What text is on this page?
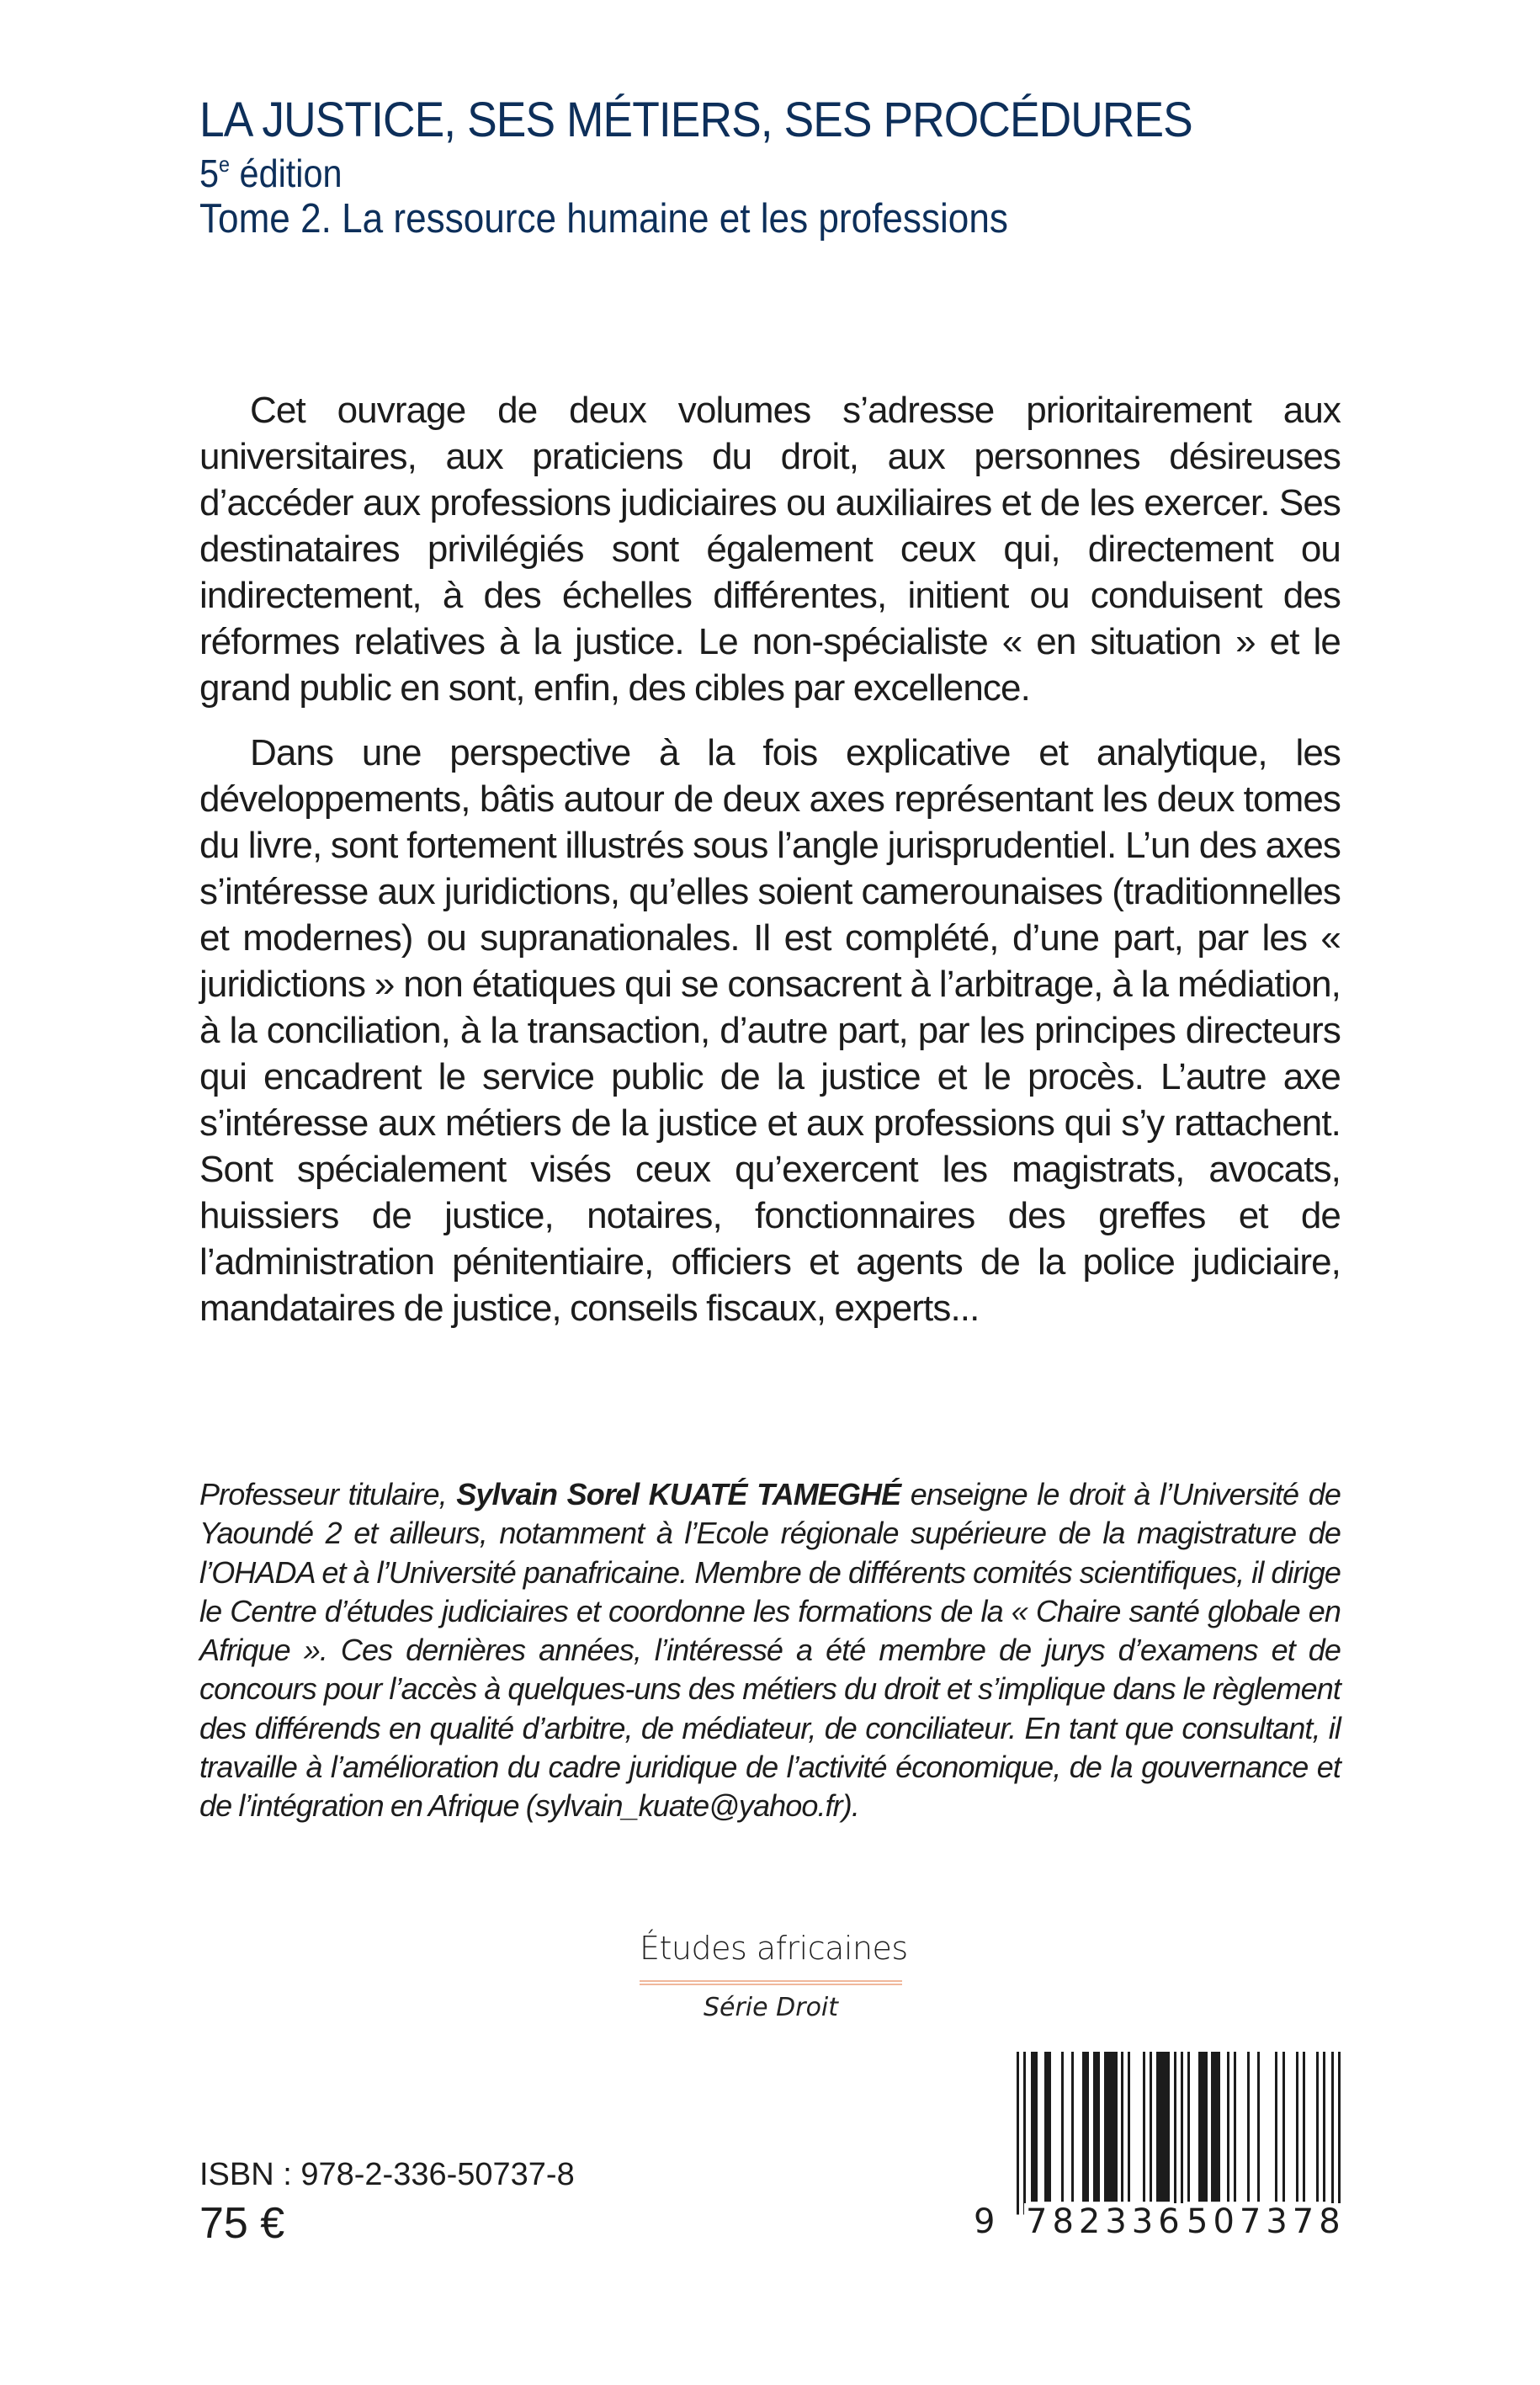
LA JUSTICE, SES MÉTIERS, SES PROCÉDURES
5e édition
Tome 2. La ressource humaine et les professions

Cet ouvrage de deux volumes s’adresse prioritairement aux universitaires, aux praticiens du droit, aux personnes désireuses d’accéder aux professions judiciaires ou auxiliaires et de les exercer. Ses destinataires privilégiés sont également ceux qui, directement ou indirectement, à des échelles différentes, initient ou conduisent des réformes relatives à la justice. Le non-spécialiste « en situation » et le grand public en sont, enfin, des cibles par excellence.

Dans une perspective à la fois explicative et analytique, les développements, bâtis autour de deux axes représentant les deux tomes du livre, sont fortement illustrés sous l’angle jurisprudentiel. L’un des axes s’intéresse aux juridictions, qu’elles soient camerounaises (traditionnelles et modernes) ou supranationales. Il est complété, d’une part, par les « juridictions » non étatiques qui se consacrent à l’arbitrage, à la médiation, à la conciliation, à la transaction, d’autre part, par les principes directeurs qui encadrent le service public de la justice et le procès. L’autre axe s’intéresse aux métiers de la justice et aux professions qui s’y rattachent. Sont spécialement visés ceux qu’exercent les magistrats, avocats, huissiers de justice, notaires, fonctionnaires des greffes et de l’administration pénitentiaire, officiers et agents de la police judiciaire, mandataires de justice, conseils fiscaux, experts...

Professeur titulaire, Sylvain Sorel KUATÉ TAMEGHÉ enseigne le droit à l’Université de Yaoundé 2 et ailleurs, notamment à l’Ecole régionale supérieure de la magistrature de l’OHADA et à l’Université panafricaine. Membre de différents comités scientifiques, il dirige le Centre d’études judiciaires et coordonne les formations de la « Chaire santé globale en Afrique ». Ces dernières années, l’intéressé a été membre de jurys d’examens et de concours pour l’accès à quelques-uns des métiers du droit et s’implique dans le règlement des différends en qualité d’arbitre, de médiateur, de conciliateur. En tant que consultant, il travaille à l’amélioration du cadre juridique de l’activité économique, de la gouvernance et de l’intégration en Afrique (sylvain_kuate@yahoo.fr).
Études africaines
Série Droit
ISBN : 978-2-336-50737-8
75 €	9 782336 507378
